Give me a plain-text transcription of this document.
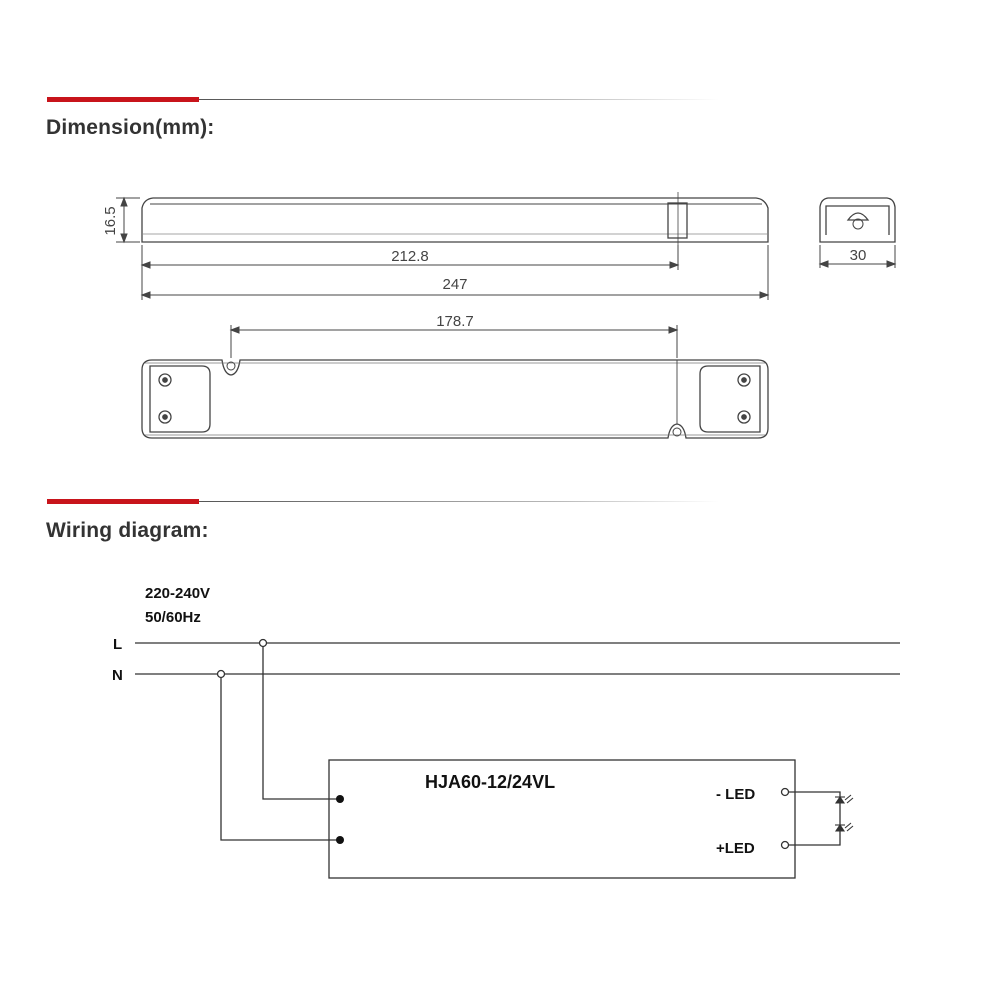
Dimension(mm):
Wiring diagram:
16.5
212.8
247
30
178.7
220-240V
50/60Hz
L
N
HJA60-12/24VL
- LED
+LED
